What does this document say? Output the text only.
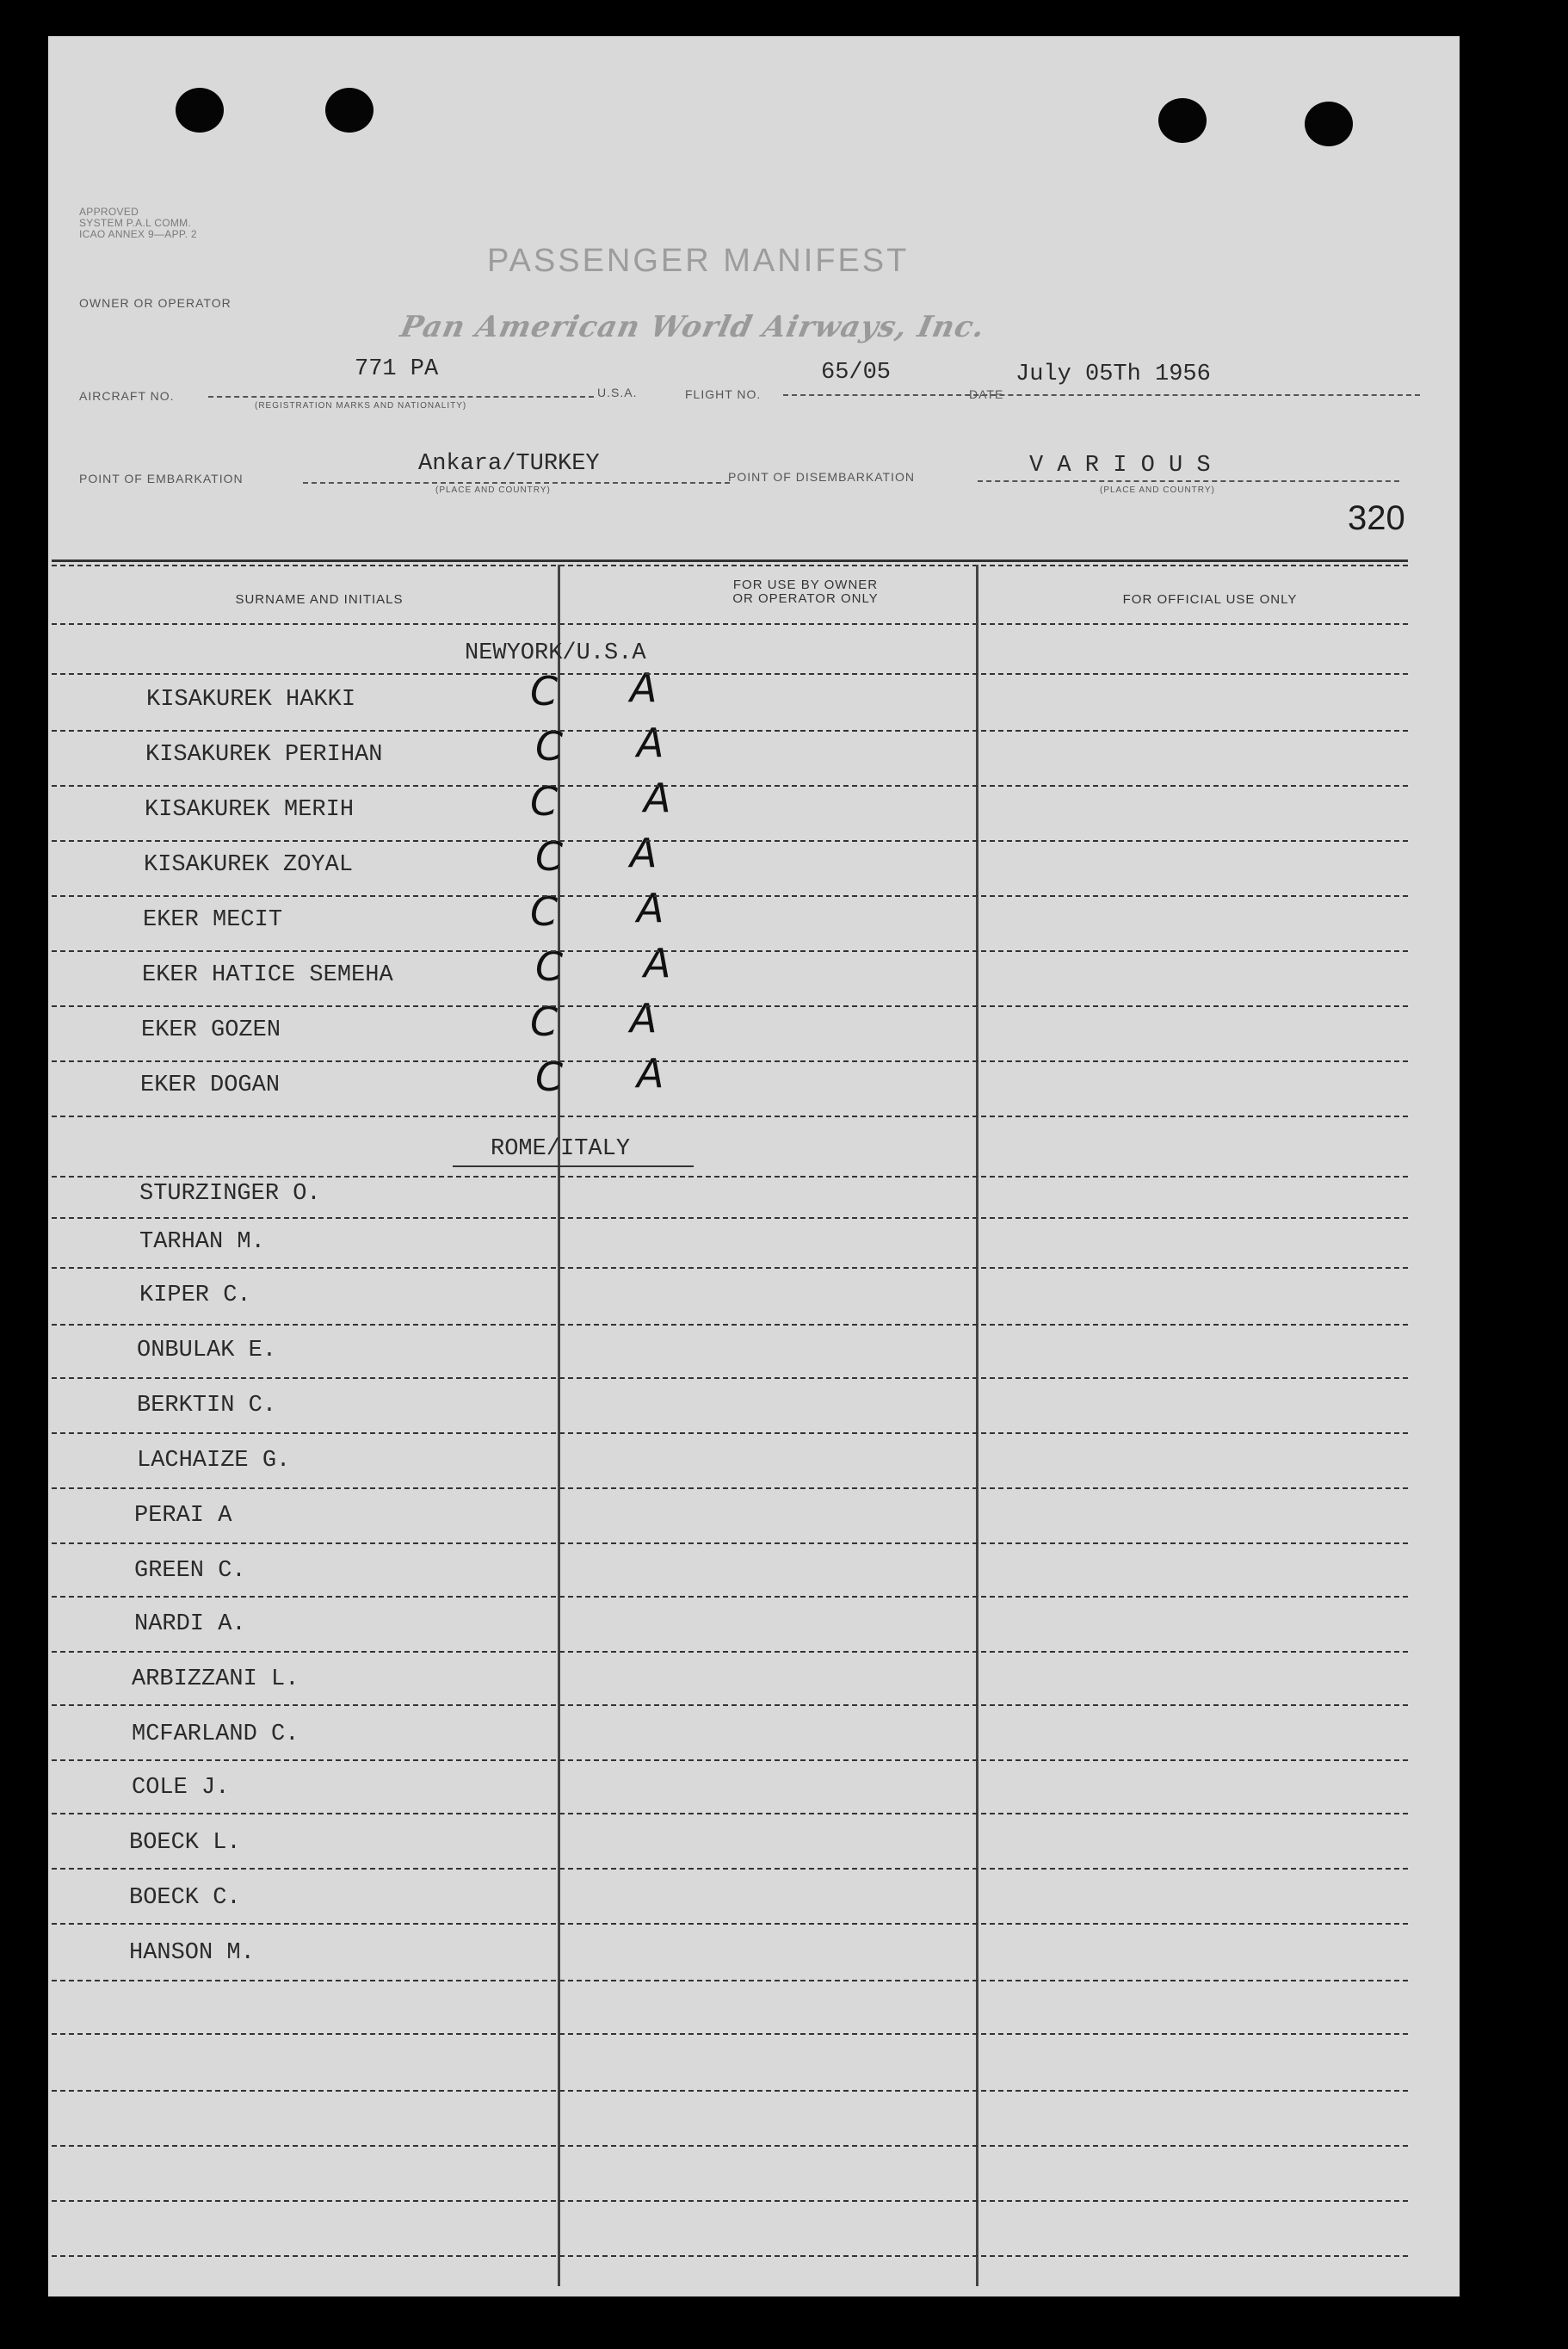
APPROVED
SYSTEM P.A.L COMM.
ICAO ANNEX 9—APP. 2
PASSENGER MANIFEST
OWNER OR OPERATOR
Pan American World Airways, Inc.
AIRCRAFT NO.
771 PA
(REGISTRATION MARKS AND NATIONALITY)
U.S.A.	FLIGHT NO.
65/05
DATE
July 05Th 1956
POINT OF EMBARKATION
Ankara/TURKEY
(PLACE AND COUNTRY)
POINT OF DISEMBARKATION	V A R I O U S
(PLACE AND COUNTRY)
320
SURNAME AND INITIALS
FOR USE BY OWNER
OR OPERATOR ONLY	FOR OFFICIAL USE ONLY
NEWYORK/U.S.A
KISAKUREK HAKKI	C A
KISAKUREK PERIHAN	C A
KISAKUREK MERIH	C A
KISAKUREK ZOYAL	C A
EKER MECIT	C A
EKER HATICE SEMEHA	C A
EKER GOZEN	C A
EKER DOGAN	C A
ROME/ITALY
STURZINGER O.
TARHAN M.
KIPER C.
ONBULAK E.
BERKTIN C.
LACHAIZE G.
PERAI A
GREEN C.
NARDI A.
ARBIZZANI L.
MCFARLAND C.
COLE J.
BOECK L.
BOECK C.
HANSON M.
